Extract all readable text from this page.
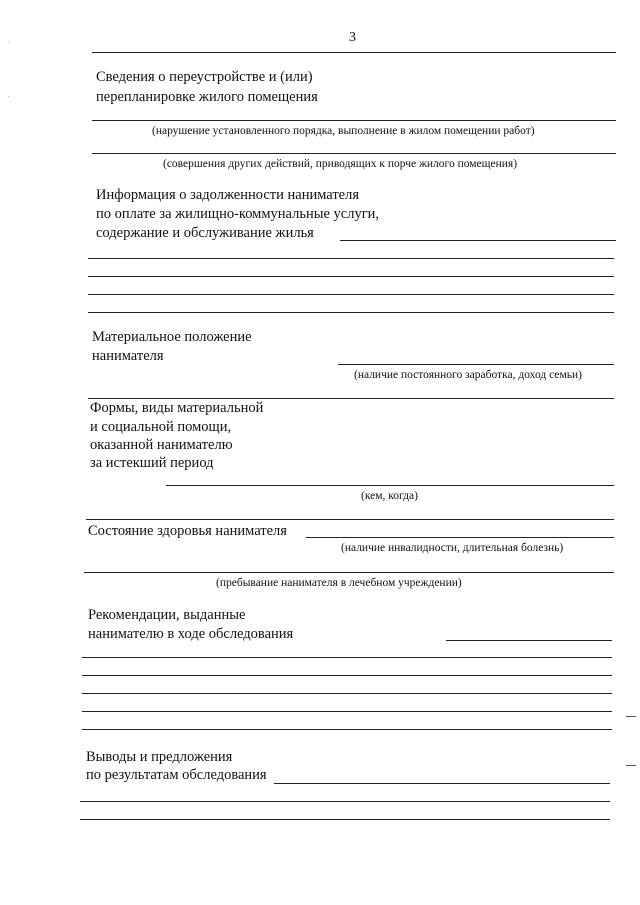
3
Сведения о переустройстве и (или)
перепланировке жилого помещения
(нарушение установленного порядка, выполнение в жилом помещении работ)
(совершения других действий, приводящих к порче жилого помещения)
Информация о задолженности нанимателя
по оплате за жилищно-коммунальные услуги,
содержание и обслуживание жилья
Материальное положение
нанимателя
(наличие постоянного заработка, доход семьи)
Формы, виды материальной
и социальной помощи,
оказанной нанимателю
за истекший период
(кем, когда)
Состояние здоровья нанимателя
(наличие инвалидности, длительная болезнь)
(пребывание нанимателя в лечебном учреждении)
Рекомендации, выданные
нанимателю в ходе обследования
Выводы и предложения
по результатам обследования
